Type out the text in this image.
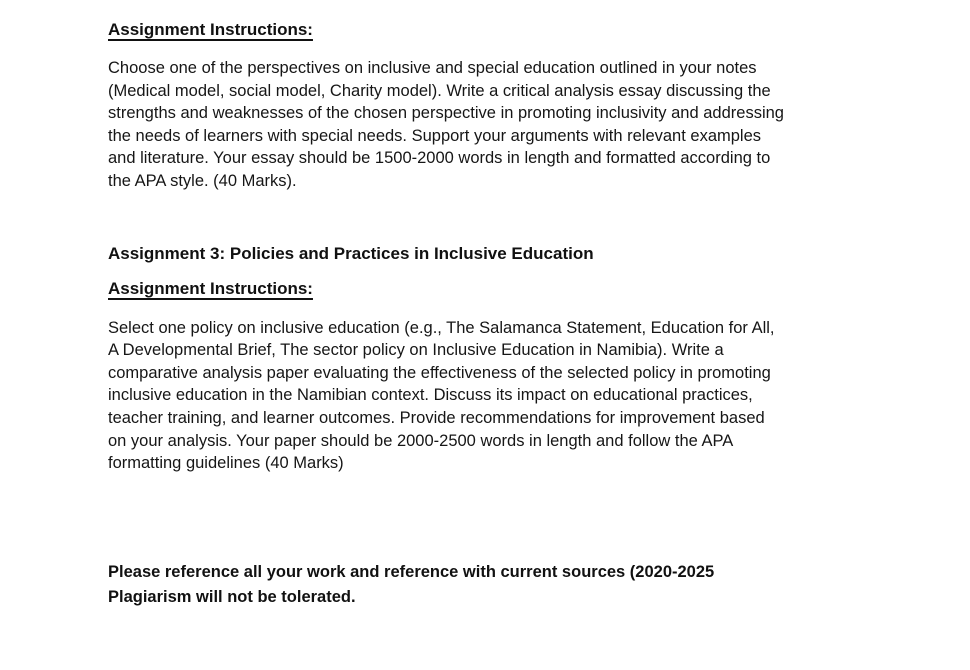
Assignment Instructions:

Choose one of the perspectives on inclusive and special education outlined in your notes
(Medical model, social model, Charity model). Write a critical analysis essay discussing the
strengths and weaknesses of the chosen perspective in promoting inclusivity and addressing
the needs of learners with special needs. Support your arguments with relevant examples
and literature. Your essay should be 1500-2000 words in length and formatted according to
the APA style. (40 Marks).

Assignment 3: Policies and Practices in Inclusive Education
Assignment Instructions:

Select one policy on inclusive education (e.g., The Salamanca Statement, Education for All,
A Developmental Brief, The sector policy on Inclusive Education in Namibia). Write a
comparative analysis paper evaluating the effectiveness of the selected policy in promoting
inclusive education in the Namibian context. Discuss its impact on educational practices,
teacher training, and learner outcomes. Provide recommendations for improvement based
on your analysis. Your paper should be 2000-2500 words in length and follow the APA
formatting guidelines (40 Marks)

Please reference all your work and reference with current sources (2020-2025
Plagiarism will not be tolerated.
